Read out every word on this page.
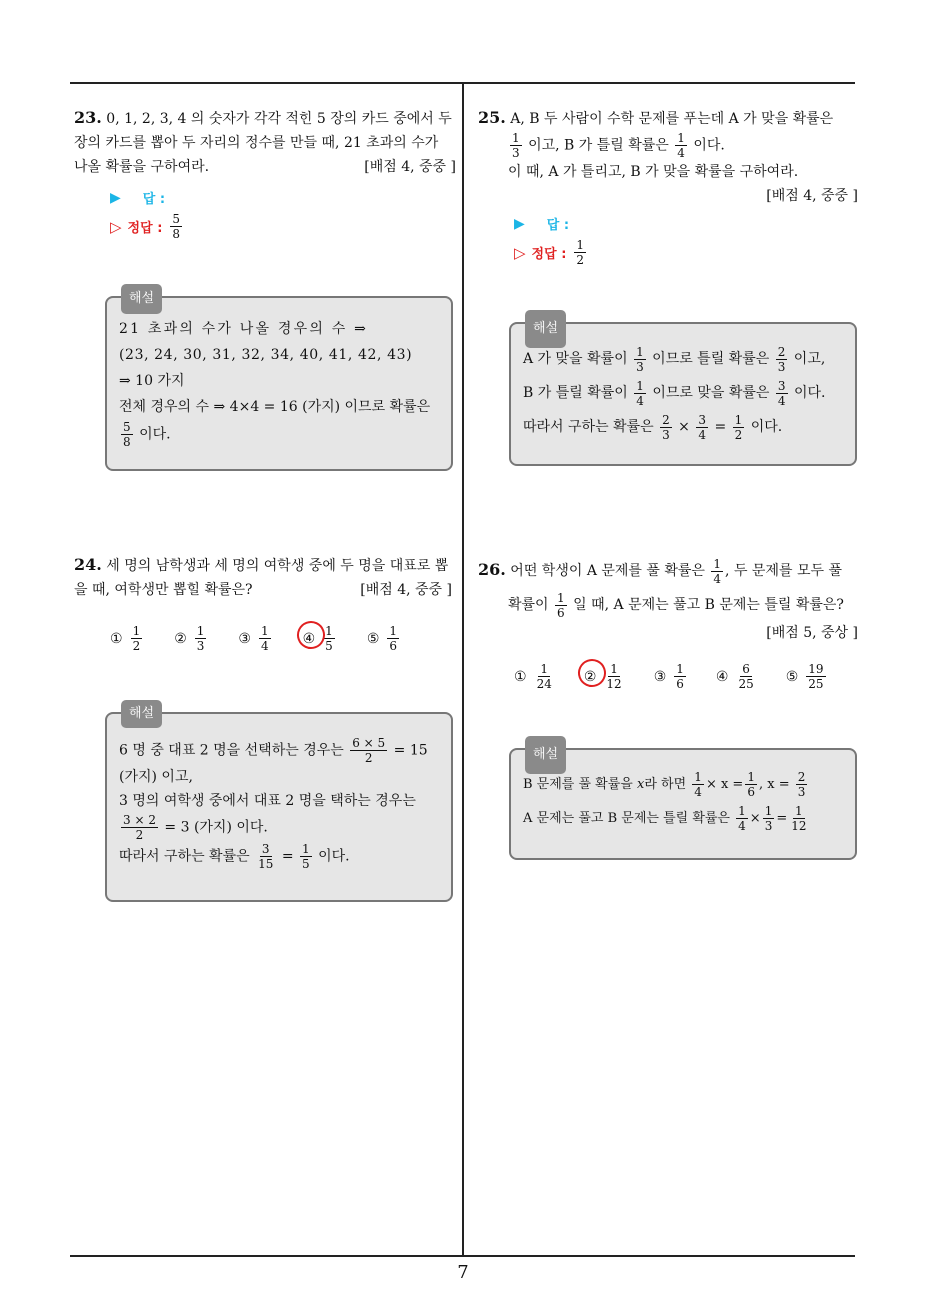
23. 0, 1, 2, 3, 4 의 숫자가 각각 적힌 5 장의 카드 중에서 두 장의 카드를 뽑아 두 자리의 정수를 만들 때, 21 초과의 수가 나올 확률을 구하여라.	[배점 4, 중중 ]
▶ 답 :
▷ 정답 : $\frac{5}{8}$
해설
21 초과의 수가 나올 경우의 수 ⇒
(23, 24, 30, 31, 32, 34, 40, 41, 42, 43)
⇒ 10 가지
전체 경우의 수 ⇒ 4×4 = 16 (가지) 이므로 확률은
$\frac{5}{8}$ 이다.
24. 세 명의 남학생과 세 명의 여학생 중에 두 명을 대표로 뽑을 때, 여학생만 뽑힐 확률은?	[배점 4, 중중 ]
① $\frac{1}{2}$ ② $\frac{1}{3}$ ③ $\frac{1}{4}$ ④ $\frac{1}{5}$ ⑤ $\frac{1}{6}$
해설
6 명 중 대표 2 명을 선택하는 경우는 $\frac{6 \times 5}{2} = 15$
(가지) 이고,
3 명의 여학생 중에서 대표 2 명을 택하는 경우는
$\frac{3 \times 2}{2} = 3$ (가지) 이다.
따라서 구하는 확률은 $\frac{3}{15} = \frac{1}{5}$ 이다.
25. A, B 두 사람이 수학 문제를 푸는데 A 가 맞을 확률은
$\frac{1}{3}$ 이고, B 가 틀릴 확률은 $\frac{1}{4}$ 이다.
이 때, A 가 틀리고, B 가 맞을 확률을 구하여라.
[배점 4, 중중 ]
▶ 답 :
▷ 정답 : $\frac{1}{2}$
해설
A 가 맞을 확률이 $\frac{1}{3}$ 이므로 틀릴 확률은 $\frac{2}{3}$ 이고,
B 가 틀릴 확률이 $\frac{1}{4}$ 이므로 맞을 확률은 $\frac{3}{4}$ 이다.
따라서 구하는 확률은 $\frac{2}{3} \times \frac{3}{4} = \frac{1}{2}$ 이다.
26. 어떤 학생이 A 문제를 풀 확률은 $\frac{1}{4}$ , 두 문제를 모두 풀
확률이 $\frac{1}{6}$ 일 때, A 문제는 풀고 B 문제는 틀릴 확률은?
[배점 5, 중상 ]
① $\frac{1}{24}$ ② $\frac{1}{12}$ ③ $\frac{1}{6}$ ④ $\frac{6}{25}$ ⑤ $\frac{19}{25}$
해설
B 문제를 풀 확률을 x라 하면 $\frac{1}{4} \times x = \frac{1}{6}$ , $x = \frac{2}{3}$
A 문제는 풀고 B 문제는 틀릴 확률은 $\frac{1}{4} \times \frac{1}{3} = \frac{1}{12}$
7
